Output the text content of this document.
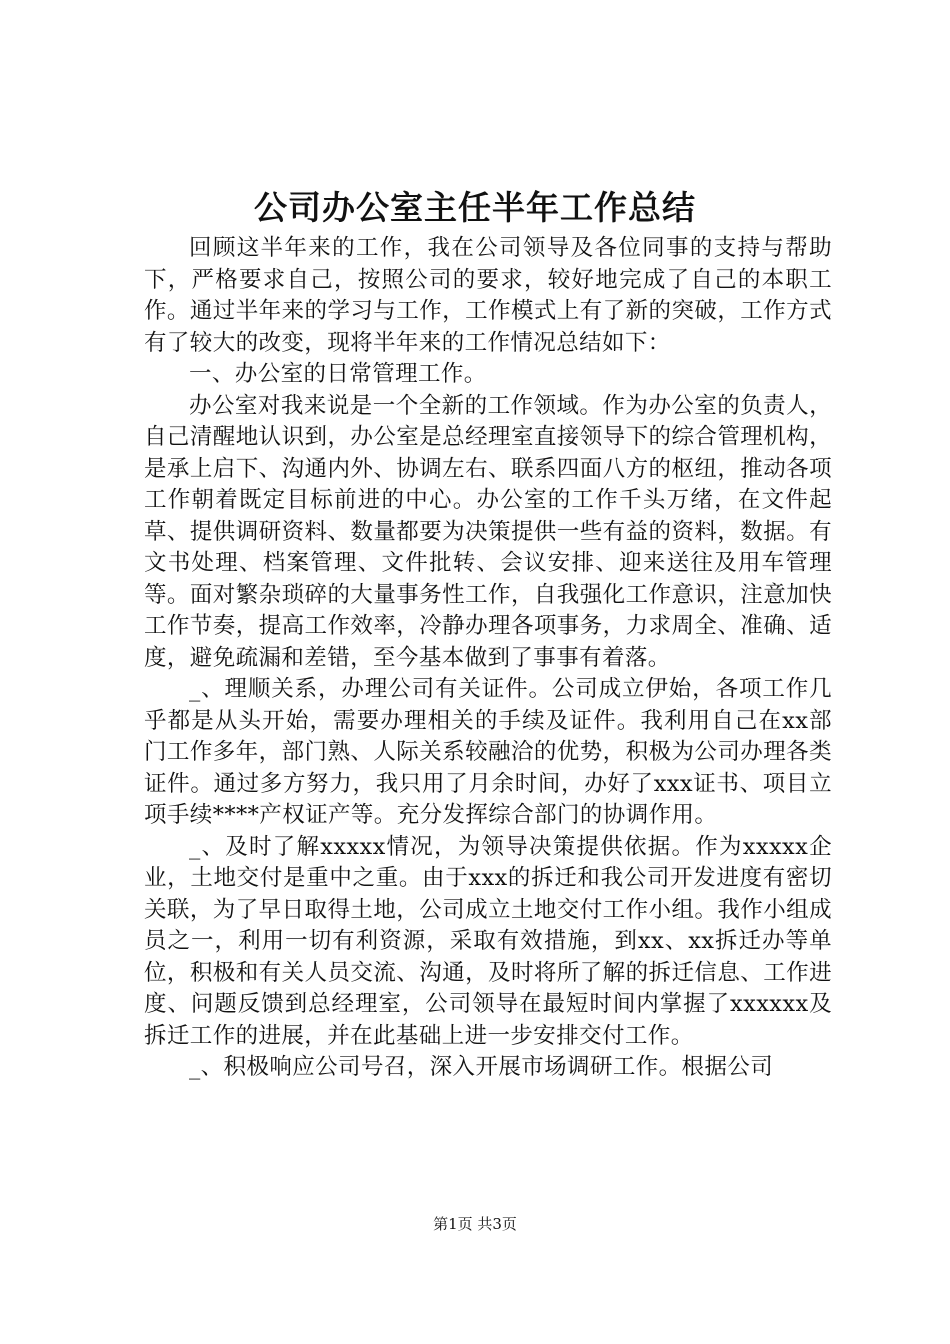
公司办公室主任半年工作总结

回顾这半年来的工作，我在公司领导及各位同事的支持与帮助下，严格要求自己，按照公司的要求，较好地完成了自己的本职工作。通过半年来的学习与工作，工作模式上有了新的突破，工作方式有了较大的改变，现将半年来的工作情况总结如下：

一、办公室的日常管理工作。

办公室对我来说是一个全新的工作领域。作为办公室的负责人，自己清醒地认识到，办公室是总经理室直接领导下的综合管理机构，是承上启下、沟通内外、协调左右、联系四面八方的枢纽，推动各项工作朝着既定目标前进的中心。办公室的工作千头万绪，在文件起草、提供调研资料、数量都要为决策提供一些有益的资料，数据。有文书处理、档案管理、文件批转、会议安排、迎来送往及用车管理等。面对繁杂琐碎的大量事务性工作，自我强化工作意识，注意加快工作节奏，提高工作效率，冷静办理各项事务，力求周全、准确、适度，避免疏漏和差错，至今基本做到了事事有着落。

_、理顺关系，办理公司有关证件。公司成立伊始，各项工作几乎都是从头开始，需要办理相关的手续及证件。我利用自己在xx部门工作多年，部门熟、人际关系较融洽的优势，积极为公司办理各类证件。通过多方努力，我只用了月余时间，办好了xxx证书、项目立项手续****产权证产等。充分发挥综合部门的协调作用。

_、及时了解xxxxx情况，为领导决策提供依据。作为xxxxx企业，土地交付是重中之重。由于xxx的拆迁和我公司开发进度有密切关联，为了早日取得土地，公司成立土地交付工作小组。我作小组成员之一，利用一切有利资源，采取有效措施，到xx、xx拆迁办等单位，积极和有关人员交流、沟通，及时将所了解的拆迁信息、工作进度、问题反馈到总经理室，公司领导在最短时间内掌握了xxxxxx及拆迁工作的进展，并在此基础上进一步安排交付工作。

_、积极响应公司号召，深入开展市场调研工作。根据公司

第1页 共3页
